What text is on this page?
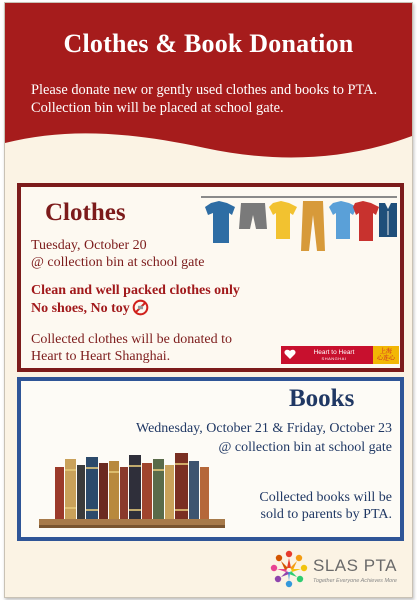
Clothes & Book Donation
Please donate new or gently used clothes and books to PTA. Collection bin will be placed at school gate.
Clothes
Tuesday, October 20
@ collection bin at school gate
Clean and well packed clothes only
No shoes, No toy
Collected clothes will be donated to
Heart to Heart Shanghai.	Heart to Heart
SHANGHAI
上海
心连心
Books
Wednesday, October 21 & Friday, October 23
@ collection bin at school gate
Collected books will be
sold to parents by PTA.
SLAS PTA
Together Everyone Achieves More
